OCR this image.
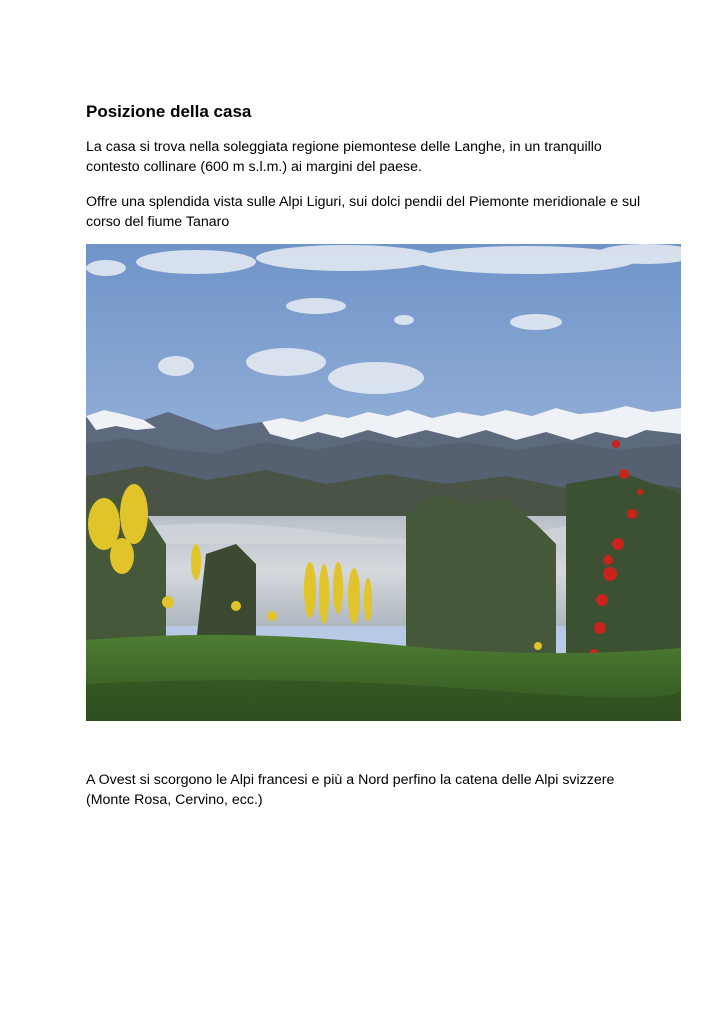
Posizione della casa

La casa si trova nella soleggiata regione piemontese delle Langhe, in un tranquillo contesto collinare (600 m s.l.m.) ai margini del paese.

Offre una splendida vista sulle Alpi Liguri, sui dolci pendii del Piemonte meridionale e sul corso del fiume Tanaro

A Ovest si scorgono le Alpi francesi e più a Nord perfino la catena delle Alpi svizzere (Monte Rosa, Cervino, ecc.)
